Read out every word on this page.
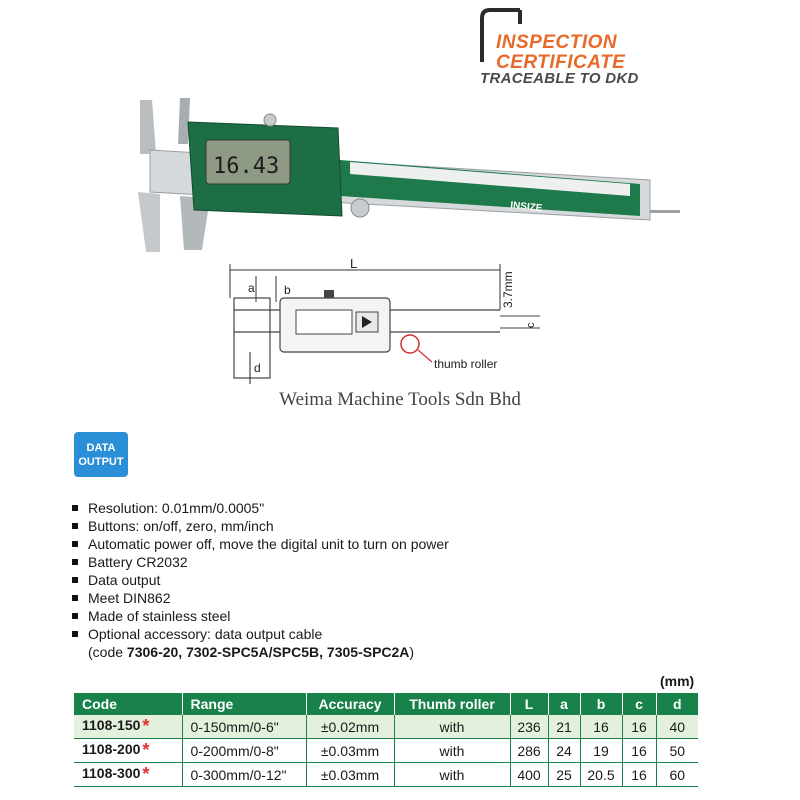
INSPECTION
CERTIFICATE
TRACEABLE TO DKD
INSIZE
16.43
L
a b
d	thumb roller
3.7mm
c
Weima Machine Tools Sdn Bhd
DATA
OUTPUT
Resolution: 0.01mm/0.0005"
Buttons: on/off, zero, mm/inch
Automatic power off, move the digital unit to turn on power
Battery CR2032
Data output
Meet DIN862
Made of stainless steel
Optional accessory: data output cable
(code 7306-20, 7302-SPC5A/SPC5B, 7305-SPC2A)
(mm)
Code	Range	Accuracy	Thumb roller	L	a	b	c	d
1108-150 *	0-150mm/0-6"	±0.02mm	with	236	21	16	16	40
1108-200 *	0-200mm/0-8"	±0.03mm	with	286	24	19	16	50
1108-300 *	0-300mm/0-12"	±0.03mm	with	400	25	20.5	16	60
